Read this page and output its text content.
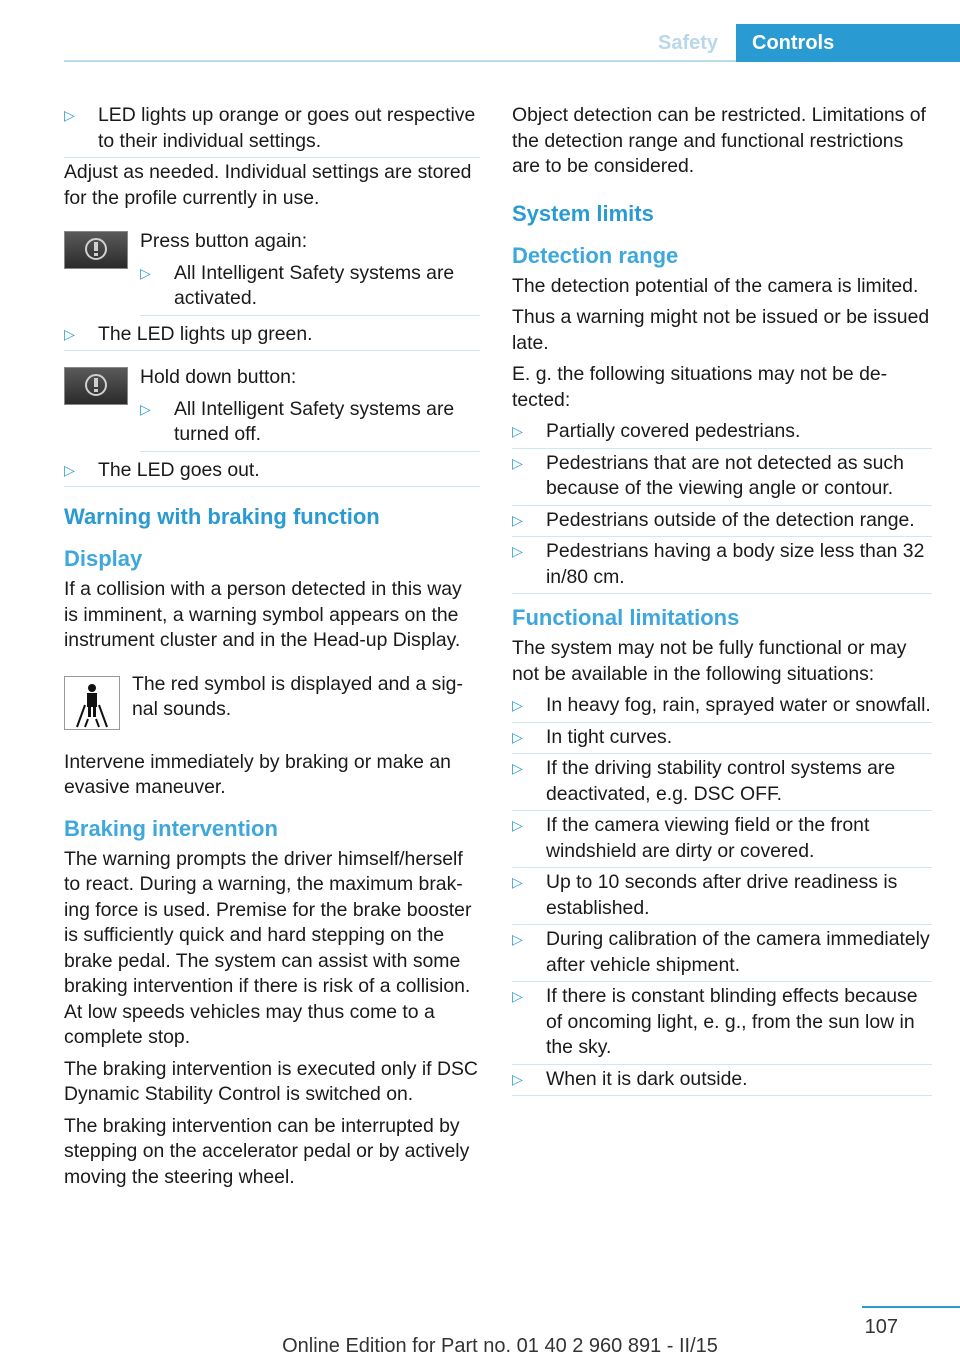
Safety	Controls
▷ LED lights up orange or goes out respective to their individual settings.

Adjust as needed. Individual settings are stored for the profile currently in use.

Press button again:

▷ All Intelligent Safety systems are activated.
▷ The LED lights up green.

Hold down button:

▷ All Intelligent Safety systems are turned off.
▷ The LED goes out.
Warning with braking function
Display

If a collision with a person detected in this way is imminent, a warning symbol appears on the instrument cluster and in the Head-up Display.

The red symbol is displayed and a signal sounds.

Intervene immediately by braking or make an evasive maneuver.

Braking intervention

The warning prompts the driver himself/herself to react. During a warning, the maximum braking force is used. Premise for the brake booster is sufficiently quick and hard stepping on the brake pedal. The system can assist with some braking intervention if there is risk of a collision. At low speeds vehicles may thus come to a complete stop.

The braking intervention is executed only if DSC Dynamic Stability Control is switched on.

The braking intervention can be interrupted by stepping on the accelerator pedal or by actively moving the steering wheel.

Object detection can be restricted. Limitations of the detection range and functional restrictions are to be considered.

System limits
Detection range

The detection potential of the camera is limited.

Thus a warning might not be issued or be issued late.

E. g. the following situations may not be detected:

▷ Partially covered pedestrians.
▷ Pedestrians that are not detected as such because of the viewing angle or contour.
▷ Pedestrians outside of the detection range.
▷ Pedestrians having a body size less than 32 in/80 cm.
Functional limitations

The system may not be fully functional or may not be available in the following situations:

▷ In heavy fog, rain, sprayed water or snowfall.
▷ In tight curves.
▷ If the driving stability control systems are deactivated, e.g. DSC OFF.
▷ If the camera viewing field or the front windshield are dirty or covered.
▷ Up to 10 seconds after drive readiness is established.
▷ During calibration of the camera immediately after vehicle shipment.
▷ If there is constant blinding effects because of oncoming light, e. g., from the sun low in the sky.
▷ When it is dark outside.
107
Online Edition for Part no. 01 40 2 960 891 - II/15
